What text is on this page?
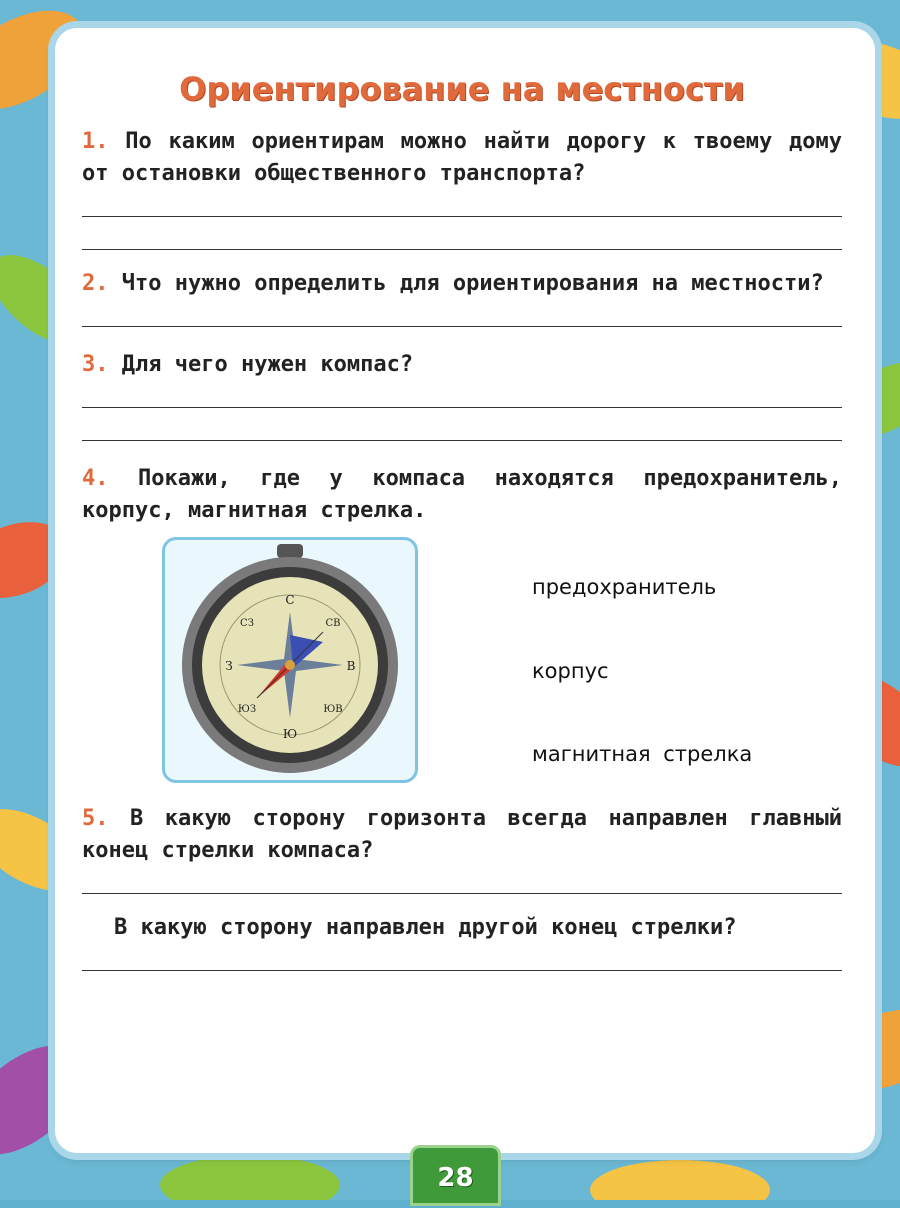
Ориентирование на местности

1. По каким ориентирам можно найти дорогу к твоему дому от остановки общественного транспорта?

2. Что нужно определить для ориентирования на местности?

3. Для чего нужен компас?

4. Покажи, где у компаса находятся предохранитель, корпус, магнитная стрелка.

С
Ю
В
З
СВ
СЗ
ЮВ
ЮЗ
предохранитель
корпус
магнитная стрелка

5. В какую сторону горизонта всегда направлен главный конец стрелки компаса?

В какую сторону направлен другой конец стрелки?

28
